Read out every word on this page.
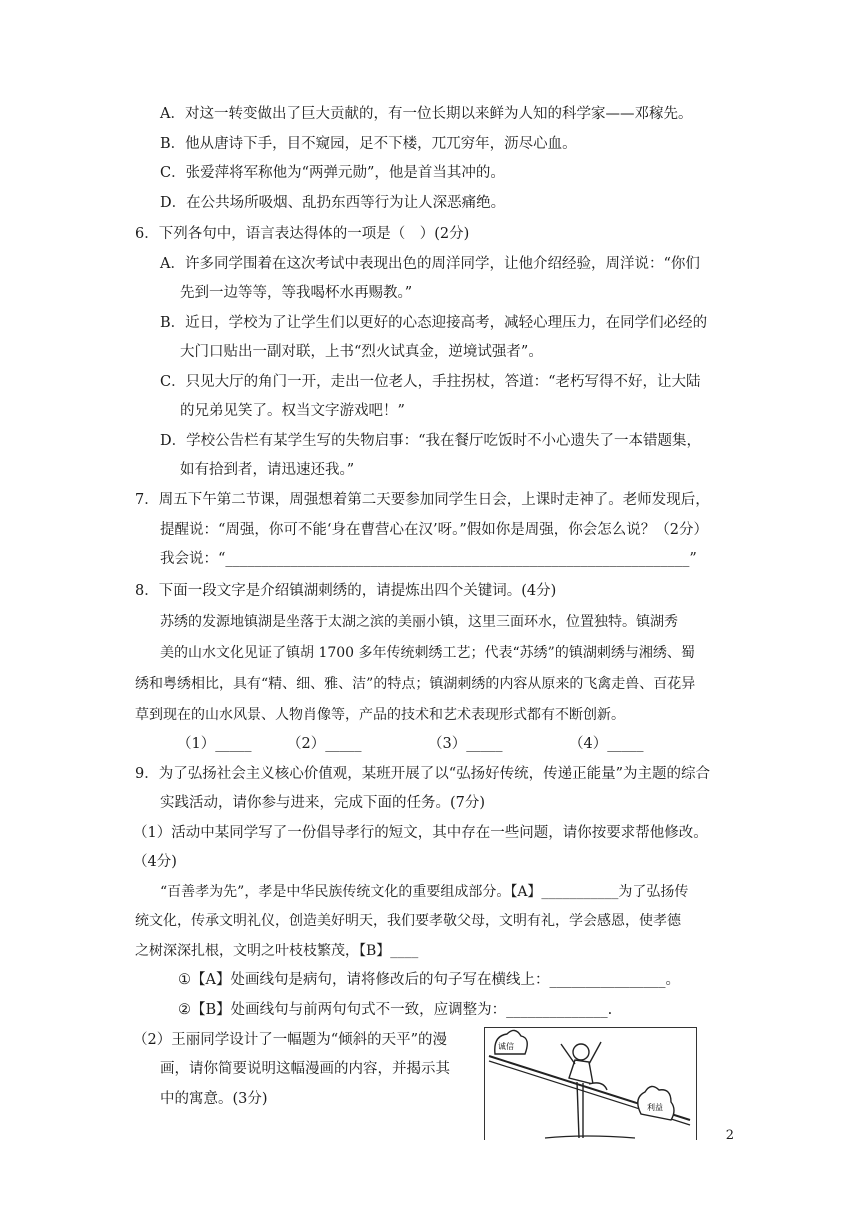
A．对这一转变做出了巨大贡献的，有一位长期以来鲜为人知的科学家——邓稼先。
B．他从唐诗下手，目不窥园，足不下楼，兀兀穷年，沥尽心血。
C．张爱萍将军称他为“两弹元勋”，他是首当其冲的。
D．在公共场所吸烟、乱扔东西等行为让人深恶痛绝。
6．下列各句中，语言表达得体的一项是（　）(2分)
A．许多同学围着在这次考试中表现出色的周洋同学，让他介绍经验，周洋说：“你们
先到一边等等，等我喝杯水再赐教。”
B．近日，学校为了让学生们以更好的心态迎接高考，减轻心理压力，在同学们必经的
大门口贴出一副对联，上书“烈火试真金，逆境试强者”。
C．只见大厅的角门一开，走出一位老人，手拄拐杖，答道：“老朽写得不好，让大陆
的兄弟见笑了。权当文字游戏吧！”
D．学校公告栏有某学生写的失物启事：“我在餐厅吃饭时不小心遗失了一本错题集，
如有拾到者，请迅速还我。”
7．周五下午第二节课，周强想着第二天要参加同学生日会，上课时走神了。老师发现后，
提醒说：“周强，你可不能‘身在曹营心在汉’呀。”假如你是周强，你会怎么说？（2分）
我会说：“________________________________________________________________”
8．下面一段文字是介绍镇湖刺绣的，请提炼出四个关键词。(4分)
苏绣的发源地镇湖是坐落于太湖之滨的美丽小镇，这里三面环水，位置独特。镇湖秀
美的山水文化见证了镇胡 1700 多年传统刺绣工艺；代表“苏绣”的镇湖刺绣与湘绣、蜀
绣和粤绣相比，具有“精、细、雅、洁”的特点；镇湖刺绣的内容从原来的飞禽走兽、百花异
草到现在的山水风景、人物肖像等，产品的技术和艺术表现形式都有不断创新。
（1）_____ （2）_____	（3）_____	（4）_____
9．为了弘扬社会主义核心价值观，某班开展了以“弘扬好传统，传递正能量”为主题的综合
实践活动，请你参与进来，完成下面的任务。(7分)
（1）活动中某同学写了一份倡导孝行的短文，其中存在一些问题，请你按要求帮他修改。
（4分)
“百善孝为先”，孝是中华民族传统文化的重要组成部分。【A】___________为了弘扬传
统文化，传承文明礼仪，创造美好明天，我们要孝敬父母，文明有礼，学会感恩，使孝德
之树深深扎根，文明之叶枝枝繁茂，【B】____
①【A】处画线句是病句，请将修改后的句子写在横线上：________________。
②【B】处画线句与前两句句式不一致，应调整为：______________.
（2）王丽同学设计了一幅题为“倾斜的天平”的漫
画，请你简要说明这幅漫画的内容，并揭示其
中的寓意。(3分)
诚信
利益
2
